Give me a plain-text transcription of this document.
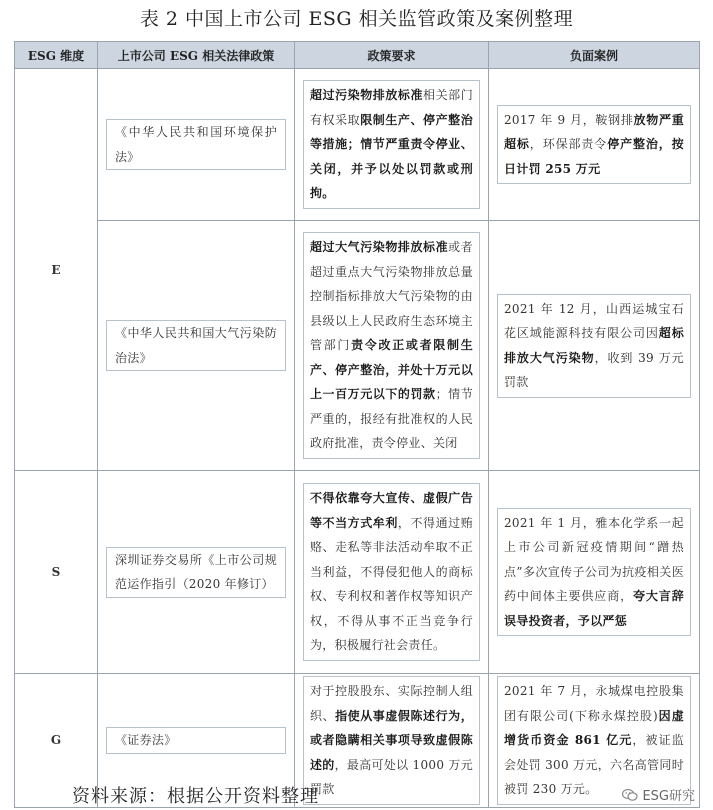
表 2 中国上市公司 ESG 相关监管政策及案例整理
ESG 维度	上市公司 ESG 相关法律政策	政策要求	负面案例
E	《中华人民共和国环境保护法》	超过污染物排放标准相关部门有权采取限制生产、停产整治等措施；情节严重责令停业、关闭，并予以处以罚款或刑拘。	2017 年 9 月，鞍钢排放物严重超标，环保部责令停产整治，按日计罚 255 万元

	《中华人民共和国大气污染防治法》	超过大气污染物排放标准或者超过重点大气污染物排放总量控制指标排放大气污染物的由县级以上人民政府生态环境主管部门责令改正或者限制生产、停产整治，并处十万元以上一百万元以下的罚款；情节严重的，报经有批准权的人民政府批准，责令停业、关闭	2021 年 12 月，山西运城宝石花区域能源科技有限公司因超标排放大气污染物，收到 39 万元罚款

S	深圳证券交易所《上市公司规范运作指引（2020 年修订）	不得依靠夸大宣传、虚假广告等不当方式牟利，不得通过贿赂、走私等非法活动牟取不正当利益，不得侵犯他人的商标权、专利权和著作权等知识产权，不得从事不正当竞争行为，积极履行社会责任。	2021 年 1 月，雅本化学系一起上市公司新冠疫情期间“蹭热点”多次宣传子公司为抗疫相关医药中间体主要供应商，夸大言辞误导投资者，予以严惩

G	《证券法》	对于控股股东、实际控制人组织、指使从事虚假陈述行为，或者隐瞒相关事项导致虚假陈述的，最高可处以 1000 万元罚款	2021 年 7 月，永城煤电控股集团有限公司(下称永煤控股)因虚增货币资金 861 亿元，被证监会处罚 300 万元，六名高管同时被罚 230 万元。
资料来源：根据公开资料整理	ESG研究
